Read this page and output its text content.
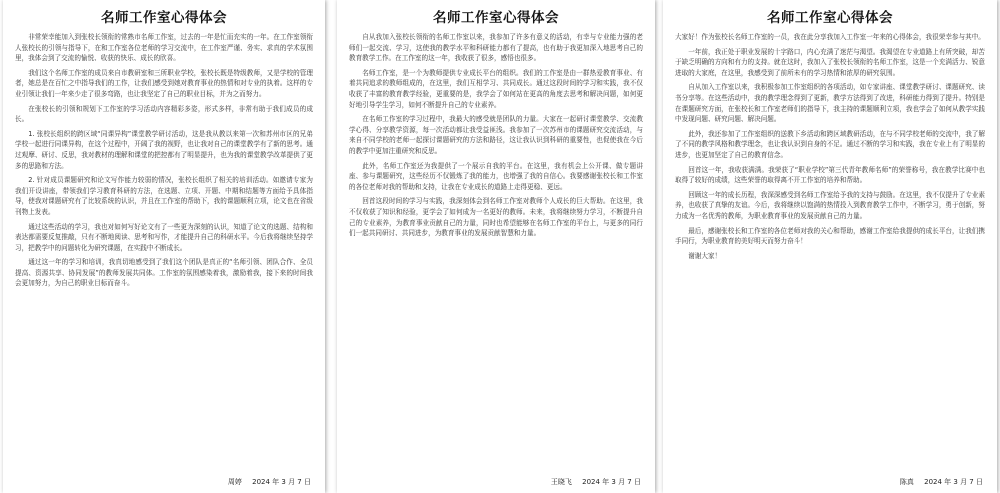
名师工作室心得体会

非常荣幸能加入到张校长领衔的常熟市名师工作室，过去的一年是忙而充实的一年。在工作室领衔人张校长的引领与指导下，在和工作室各位老师的学习交流中，在工作室严谨、务实、求真的学术氛围里，我体会到了交流的愉悦、收获的快乐、成长的欣喜。

我们这个名师工作室的成员来自市教研室和三所职业学校，张校长既是特级教师，又是学校的管理者，她总是在百忙之中指导我们的工作，让我们感受到她对教育事业的热情和对专业的执着。这样的专业引领让我们一年来少走了很多弯路，也让我坚定了自己的职业目标，并为之而努力。

在张校长的引领和规划下工作室的学习活动内容精彩多姿，形式多样，非常有助于我们成员的成长。

1. 张校长组织的跨区域“同课异构”课堂教学研讨活动，这是我从教以来第一次和苏州市区的兄弟学校一起进行同课异构，在这个过程中，开阔了我的视野，也让我对自己的课堂教学有了新的思考。通过观摩、研讨、反思，我对教材的理解和课堂的把控都有了明显提升，也为我的课堂教学改革提供了更多的思路和方法。

2. 针对成员课题研究和论文写作能力较弱的情况，张校长组织了相关的培训活动。如邀请专家为我们开设讲座，带领我们学习教育科研的方法，在选题、立项、开题、中期和结题等方面给予具体指导，使我对课题研究有了比较系统的认识，并且在工作室的帮助下，我的课题顺利立项，论文也在省级刊物上发表。

通过这些活动的学习，我也对如何写好论文有了一些更为深刻的认识，知道了论文的选题、结构和表达都需要反复推敲，只有不断地阅读、思考和写作，才能提升自己的科研水平。今后我将继续坚持学习，把教学中的问题转化为研究课题，在实践中不断成长。

通过这一年的学习和培训，我真切地感受到了我们这个团队是真正的“名师引领、团队合作、全员提高、资源共享、协同发展”的教师发展共同体。工作室的氛围感染着我，激励着我，接下来的时间我会更加努力，为自己的职业目标而奋斗。

周婷 2024 年 3 月 7 日
名师工作室心得体会

自从我加入张校长领衔的名师工作室以来，我参加了许多有意义的活动，有幸与专业能力强的老师们一起交流、学习，这使我的教学水平和科研能力都有了提高，也有助于我更加深入地思考自己的教育教学工作。在工作室的这一年，我收获了很多，感悟也很多。

名师工作室，是一个为教师提供专业成长平台的组织。我们的工作室是由一群热爱教育事业、有着共同追求的教师组成的，在这里，我们互相学习、共同成长。通过这段时间的学习和实践，我不仅收获了丰富的教育教学经验，更重要的是，我学会了如何站在更高的角度去思考和解决问题，如何更好地引导学生学习，如何不断提升自己的专业素养。

在名师工作室的学习过程中，我最大的感受就是团队的力量。大家在一起研讨课堂教学、交流教学心得、分享教学资源，每一次活动都让我受益匪浅。我参加了一次苏州市的课题研究交流活动，与来自不同学校的老师一起探讨课题研究的方法和路径，这让我认识到科研的重要性，也促使我在今后的教学中更加注重研究和反思。

此外，名师工作室还为我提供了一个展示自我的平台。在这里，我有机会上公开课、做专题讲座、参与课题研究，这些经历不仅锻炼了我的能力，也增强了我的自信心。我要感谢张校长和工作室的各位老师对我的帮助和支持，让我在专业成长的道路上走得更稳、更远。

回首这段时间的学习与实践，我深刻体会到名师工作室对教师个人成长的巨大帮助。在这里，我不仅收获了知识和经验，更学会了如何成为一名更好的教师。未来，我将继续努力学习，不断提升自己的专业素养，为教育事业贡献自己的力量，同时也希望能够在名师工作室的平台上，与更多的同行们一起共同研讨、共同进步，为教育事业的发展贡献智慧和力量。

王晓飞 2024 年 3 月 7 日
名师工作室心得体会

大家好！作为张校长名师工作室的一员，我在此分享我加入工作室一年来的心得体会，我很荣幸参与其中。

一年前，我正处于职业发展的十字路口，内心充满了迷茫与渴望。我渴望在专业道路上有所突破，却苦于缺乏明确的方向和有力的支持。就在这时，我加入了张校长领衔的名师工作室，这是一个充满活力、锐意进取的大家庭，在这里，我感受到了前所未有的学习热情和浓厚的研究氛围。

自从加入工作室以来，我积极参加工作室组织的各项活动，如专家讲座、课堂教学研讨、课题研究、读书分享等。在这些活动中，我的教学理念得到了更新，教学方法得到了改进，科研能力得到了提升。特别是在课题研究方面，在张校长和工作室老师们的指导下，我主持的课题顺利立项，我也学会了如何从教学实践中发现问题、研究问题、解决问题。

此外，我还参加了工作室组织的送教下乡活动和跨区域教研活动，在与不同学校老师的交流中，我了解了不同的教学风格和教学理念，也让我认识到自身的不足。通过不断的学习和实践，我在专业上有了明显的进步，也更加坚定了自己的教育信念。

回首这一年，我收获满满。我荣获了“职业学校”第三代青年教师名师”的荣誉称号，我在教学比赛中也取得了较好的成绩，这些荣誉的取得离不开工作室的培养和帮助。

回顾这一年的成长历程，我深深感受到名师工作室给予我的支持与鼓励。在这里，我不仅提升了专业素养，也收获了真挚的友谊。今后，我将继续以饱满的热情投入到教育教学工作中，不断学习，勇于创新，努力成为一名优秀的教师，为职业教育事业的发展贡献自己的力量。

最后，感谢张校长和工作室的各位老师对我的关心和帮助，感谢工作室给我提供的成长平台，让我们携手同行，为职业教育的美好明天而努力奋斗！

谢谢大家！

陈真 2024 年 3 月 7 日
